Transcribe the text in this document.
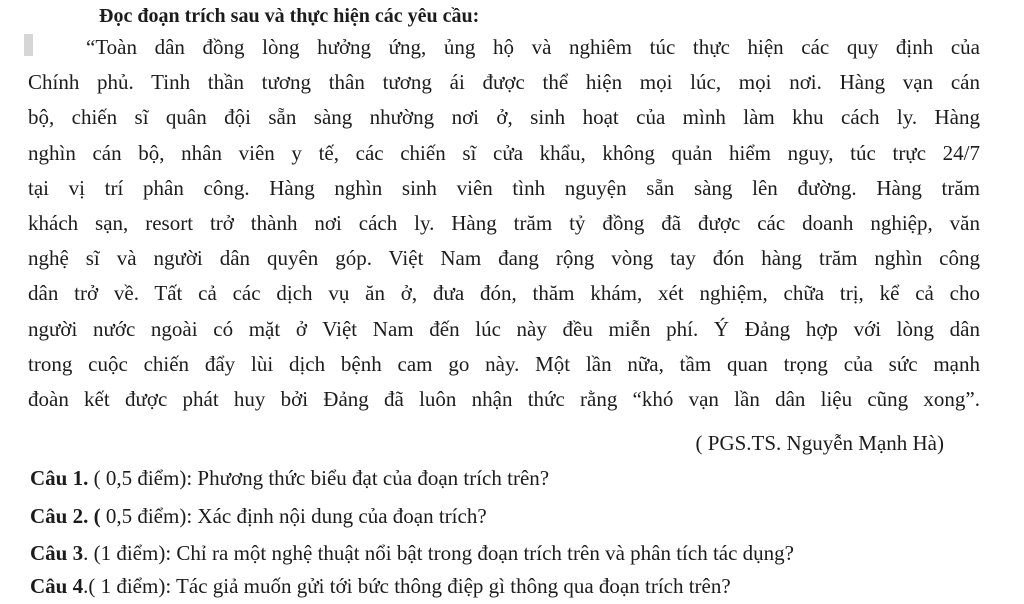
Đọc đoạn trích sau và thực hiện các yêu cầu:
“Toàn dân đồng lòng hưởng ứng, ủng hộ và nghiêm túc thực hiện các quy định của
Chính phủ. Tinh thần tương thân tương ái được thể hiện mọi lúc, mọi nơi. Hàng vạn cán
bộ, chiến sĩ quân đội sẵn sàng nhường nơi ở, sinh hoạt của mình làm khu cách ly. Hàng
nghìn cán bộ, nhân viên y tế, các chiến sĩ cửa khẩu, không quản hiểm nguy, túc trực 24/7
tại vị trí phân công. Hàng nghìn sinh viên tình nguyện sẵn sàng lên đường. Hàng trăm
khách sạn, resort trở thành nơi cách ly. Hàng trăm tỷ đồng đã được các doanh nghiệp, văn
nghệ sĩ và người dân quyên góp. Việt Nam đang rộng vòng tay đón hàng trăm nghìn công
dân trở về. Tất cả các dịch vụ ăn ở, đưa đón, thăm khám, xét nghiệm, chữa trị, kể cả cho
người nước ngoài có mặt ở Việt Nam đến lúc này đều miễn phí. Ý Đảng hợp với lòng dân
trong cuộc chiến đẩy lùi dịch bệnh cam go này. Một lần nữa, tầm quan trọng của sức mạnh
đoàn kết được phát huy bởi Đảng đã luôn nhận thức rằng “khó vạn lần dân liệu cũng xong”.
( PGS.TS. Nguyễn Mạnh Hà)
Câu 1. ( 0,5 điểm): Phương thức biểu đạt của đoạn trích trên?
Câu 2. ( 0,5 điểm): Xác định nội dung của đoạn trích?
Câu 3. (1 điểm): Chỉ ra một nghệ thuật nổi bật trong đoạn trích trên và phân tích tác dụng?
Câu 4.( 1 điểm): Tác giả muốn gửi tới bức thông điệp gì thông qua đoạn trích trên?
